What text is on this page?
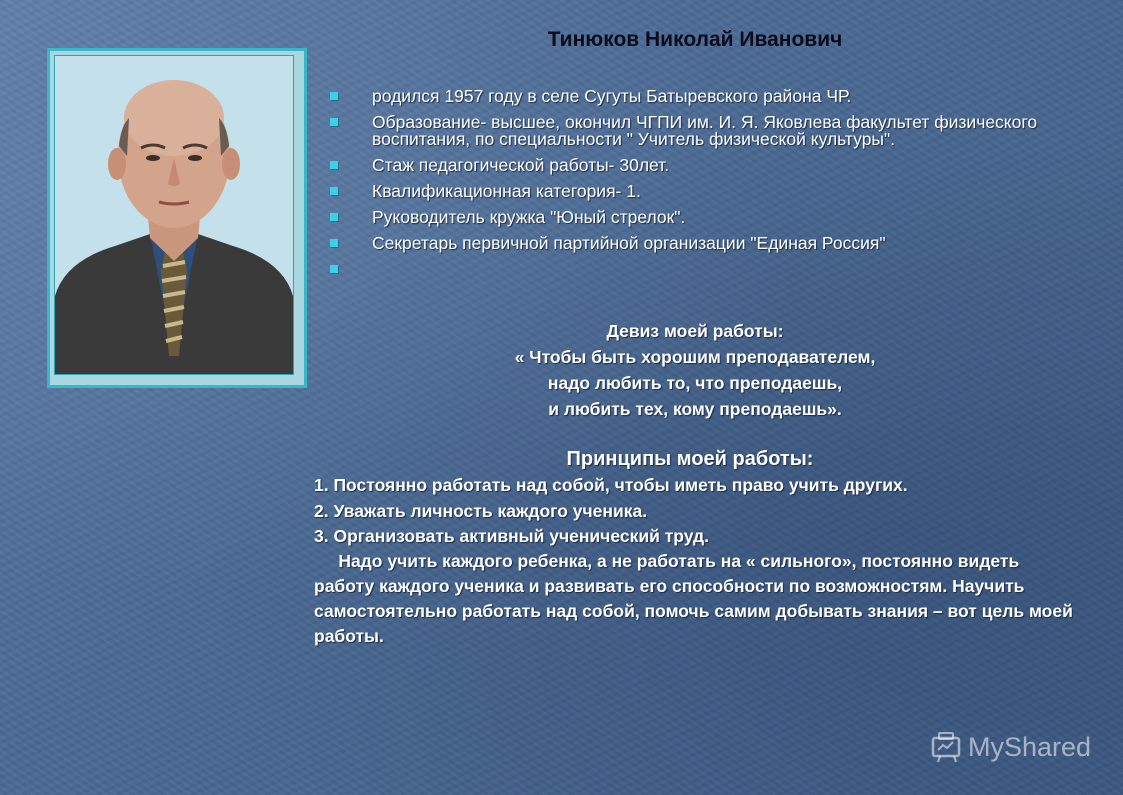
Тинюков Николай Иванович
родился 1957 году в селе Сугуты Батыревского района ЧР.
Образование- высшее, окончил ЧГПИ им. И. Я. Яковлева факультет физического воспитания, по специальности " Учитель физической культуры".
Стаж педагогической работы- 30лет.
Квалификационная категория- 1.
Руководитель кружка "Юный стрелок".
Секретарь первичной партийной организации "Единая Россия"
Девиз моей работы:
« Чтобы быть хорошим преподавателем,
надо любить то, что преподаешь,
и любить тех, кому преподаешь».
Принципы моей работы:

1. Постоянно работать над собой, чтобы иметь право учить других.

2. Уважать личность каждого ученика.

3. Организовать активный ученический труд.

Надо учить каждого ребенка, а не работать на « сильного», постоянно видеть работу каждого ученика и развивать его способности по возможностям. Научить самостоятельно работать над собой, помочь самим добывать знания – вот цель моей работы.

MyShared
